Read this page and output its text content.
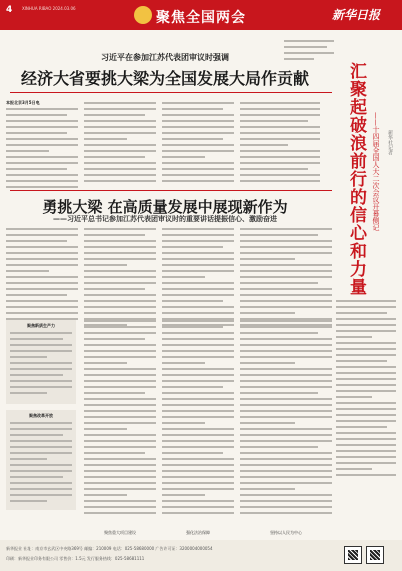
4 XINHUA RIBAO 2024.03.06
聚焦全国两会	新华日报
习近平在参加江苏代表团审议时强调
经济大省要挑大梁为全国发展大局作贡献	汇聚起破浪前行的信心和力量 ——十四届全国人大二次会议开幕侧记	新华社记者
本报北京3月5日电
勇挑大梁 在高质量发展中展现新作为
——习近平总书记参加江苏代表团审议时的重要讲话提振信心、激励奋进
聚焦新质生产力
聚焦改革开放
聚焦重大项目建设	强化法治保障	坚持以人民为中心
新华报业 社址：南京市玄武区中央路369号 邮编：210009 电话：025-58680000 广告许可证：3200004000054
印刷：新华报业印务有限公司 零售价：1.5元 发行服务热线：025-58681111
